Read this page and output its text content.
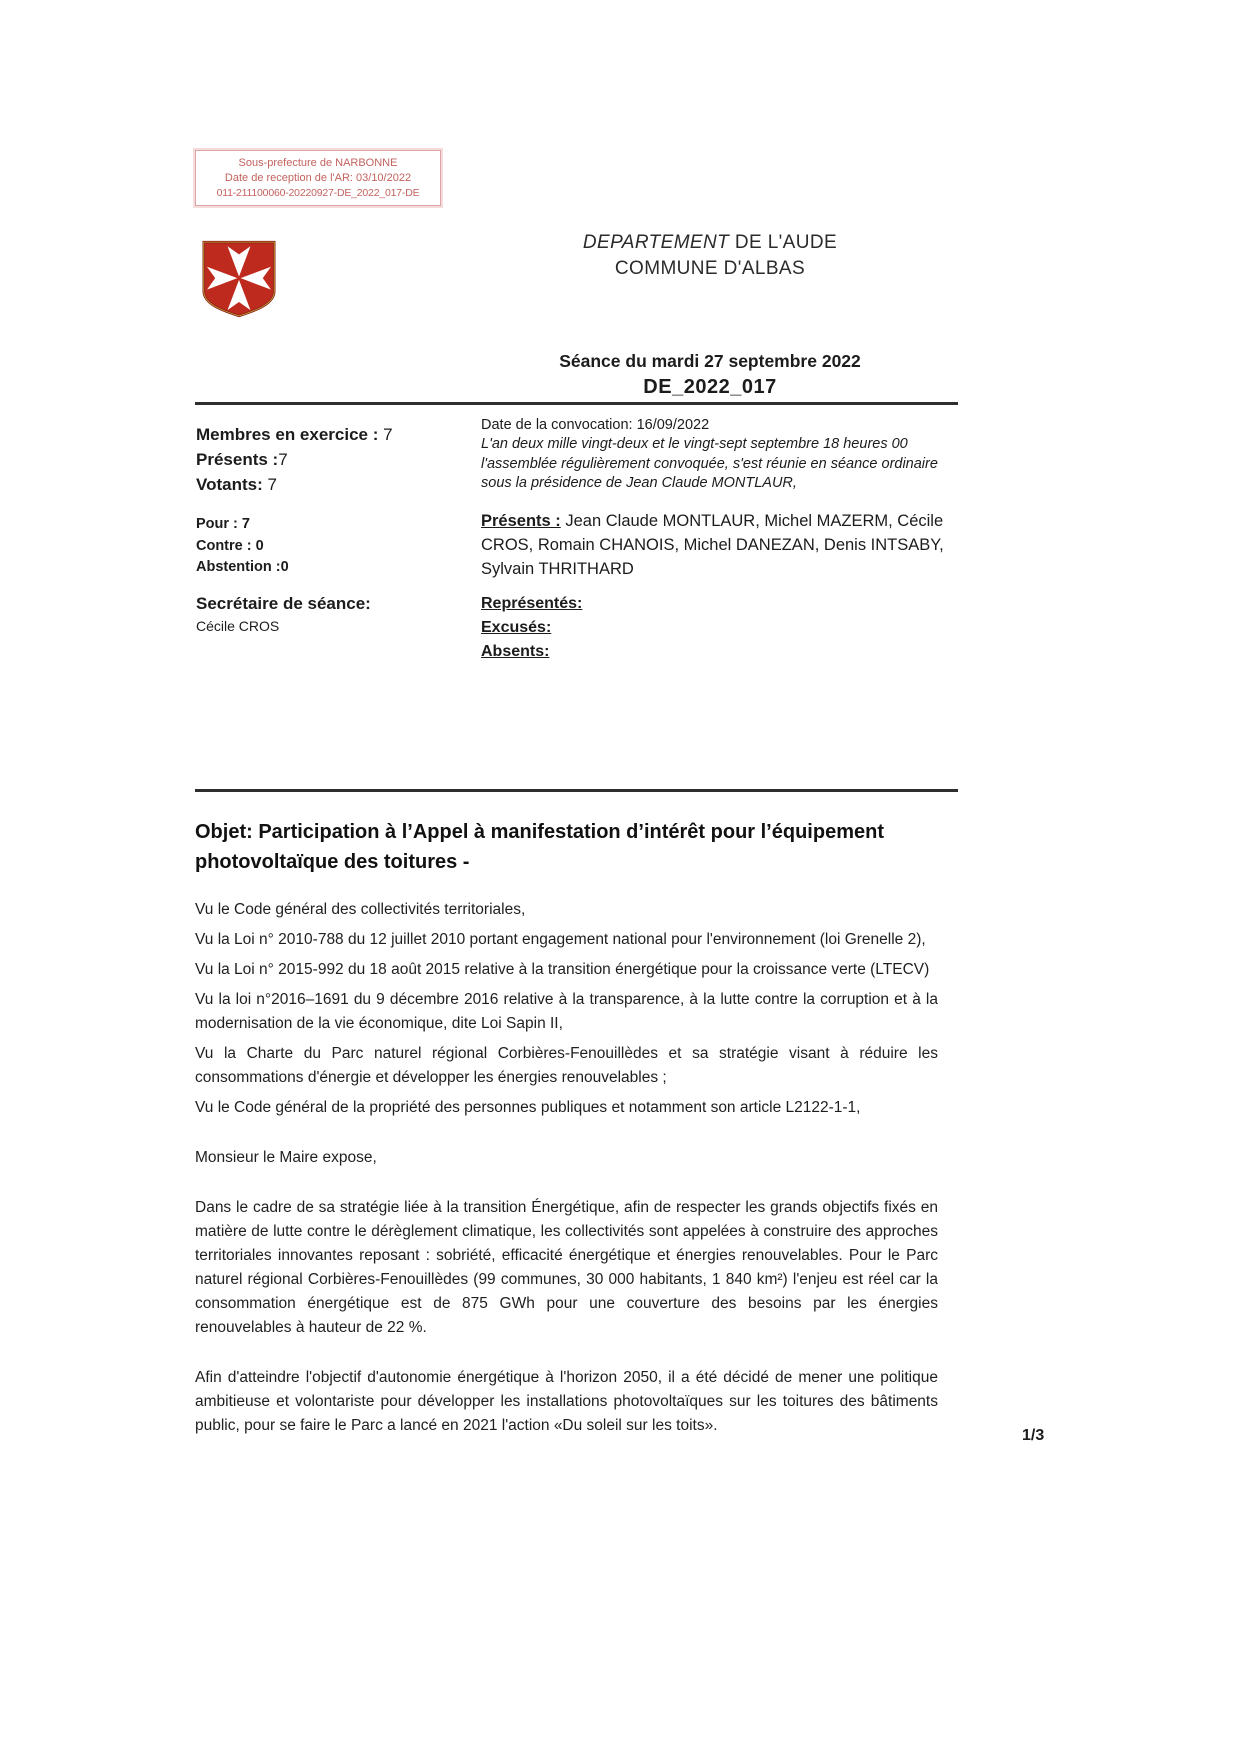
Sous-prefecture de NARBONNE
Date de reception de l'AR: 03/10/2022
011-211100060-20220927-DE_2022_017-DE
DEPARTEMENT DE L'AUDE
COMMUNE D'ALBAS
Séance du mardi 27 septembre 2022
DE_2022_017
Membres en exercice : 7
Présents :7
Votants: 7
Pour : 7
Contre : 0
Abstention :0
Secrétaire de séance:
Cécile CROS
Date de la convocation: 16/09/2022
L'an deux mille vingt-deux et le vingt-sept septembre 18 heures 00 l'assemblée régulièrement convoquée, s'est réunie en séance ordinaire sous la présidence de Jean Claude MONTLAUR,
Présents : Jean Claude MONTLAUR, Michel MAZERM, Cécile CROS, Romain CHANOIS, Michel DANEZAN, Denis INTSABY, Sylvain THRITHARD
Représentés:
Excusés:
Absents:
Objet: Participation à l’Appel à manifestation d’intérêt pour l’équipement photovoltaïque des toitures -

Vu le Code général des collectivités territoriales,

Vu la Loi n° 2010-788 du 12 juillet 2010 portant engagement national pour l'environnement (loi Grenelle 2),

Vu la Loi n° 2015-992 du 18 août 2015 relative à la transition énergétique pour la croissance verte (LTECV)

Vu la loi n°2016–1691 du 9 décembre 2016 relative à la transparence, à la lutte contre la corruption et à la modernisation de la vie économique, dite Loi Sapin II,

Vu la Charte du Parc naturel régional Corbières-Fenouillèdes et sa stratégie visant à réduire les consommations d'énergie et développer les énergies renouvelables ;

Vu le Code général de la propriété des personnes publiques et notamment son article L2122-1-1,

Monsieur le Maire expose,

Dans le cadre de sa stratégie liée à la transition Énergétique, afin de respecter les grands objectifs fixés en matière de lutte contre le dérèglement climatique, les collectivités sont appelées à construire des approches territoriales innovantes reposant : sobriété, efficacité énergétique et énergies renouvelables. Pour le Parc naturel régional Corbières-Fenouillèdes (99 communes, 30 000 habitants, 1 840 km²) l'enjeu est réel car la consommation énergétique est de 875 GWh pour une couverture des besoins par les énergies renouvelables à hauteur de 22 %.

Afin d'atteindre l'objectif d'autonomie énergétique à l'horizon 2050, il a été décidé de mener une politique ambitieuse et volontariste pour développer les installations photovoltaïques sur les toitures des bâtiments public, pour se faire le Parc a lancé en 2021 l'action «Du soleil sur les toits».

1/3
